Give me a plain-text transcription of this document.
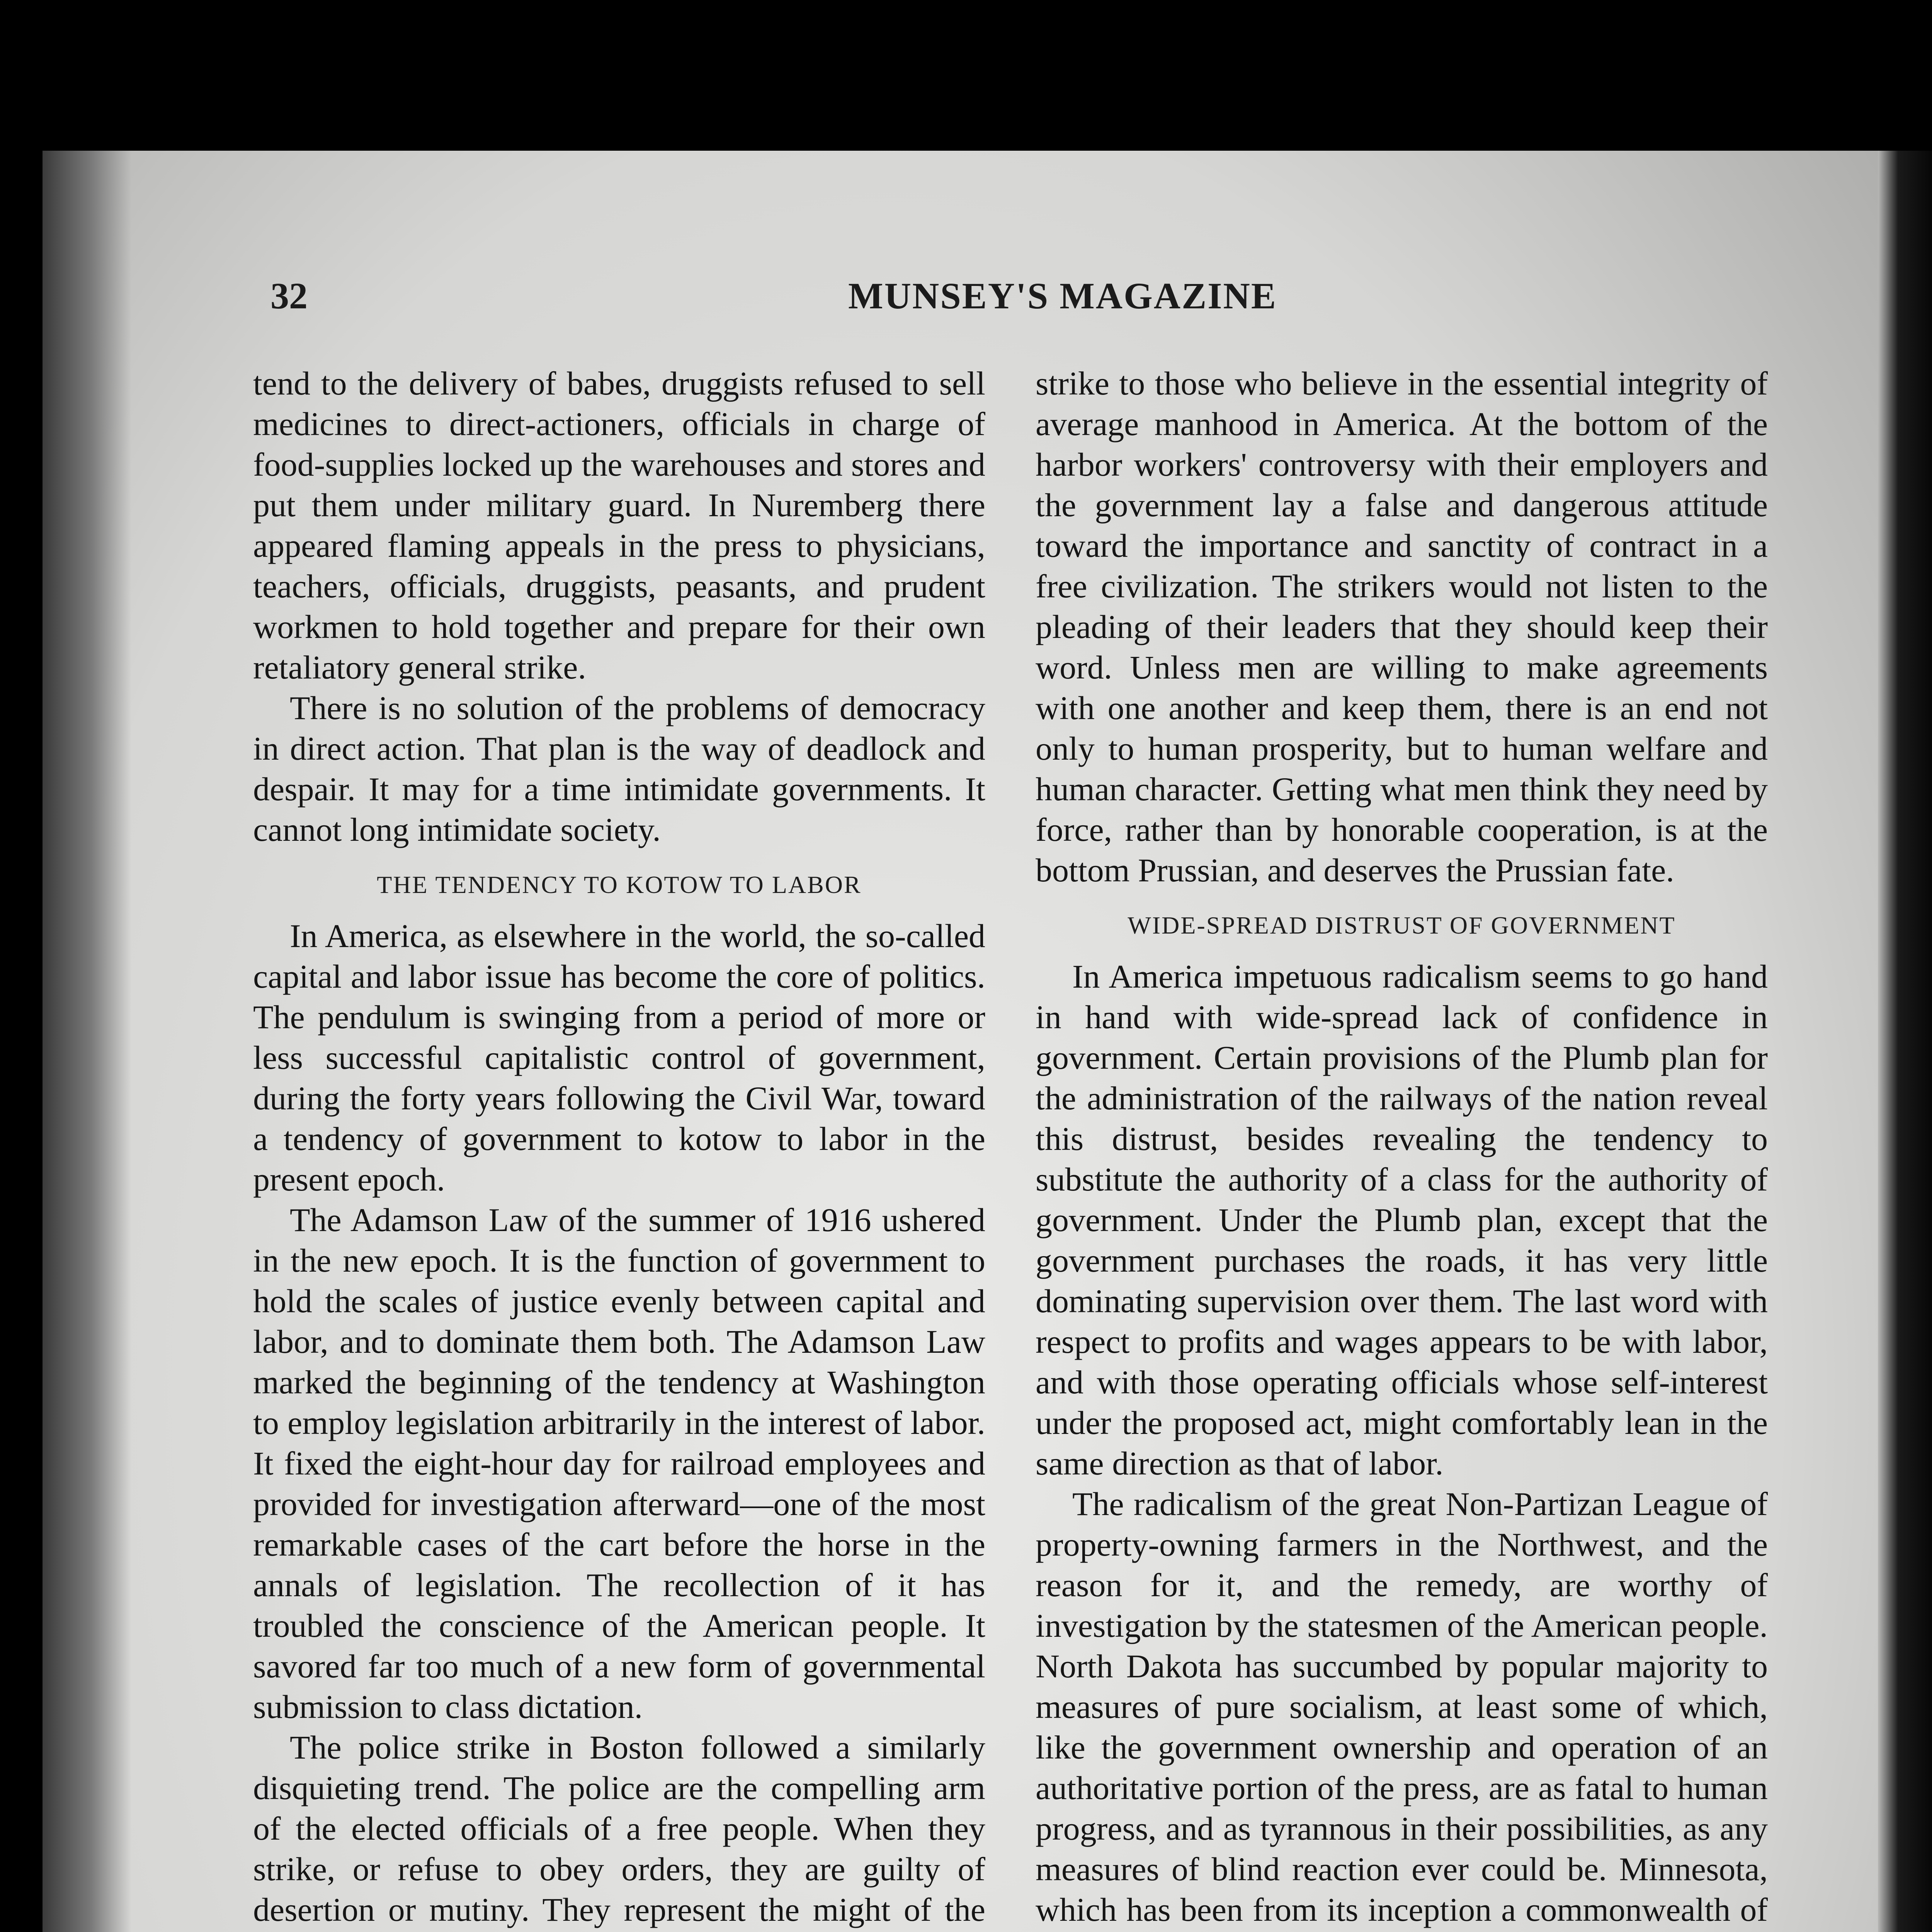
32	MUNSEY'S MAGAZINE

tend to the delivery of babes, druggists refused to sell medicines to direct-actioners, officials in charge of food-supplies locked up the warehouses and stores and put them under military guard. In Nuremberg there appeared flaming appeals in the press to physicians, teachers, officials, druggists, peasants, and prudent workmen to hold together and prepare for their own retaliatory general strike.

There is no solution of the problems of democracy in direct action. That plan is the way of deadlock and despair. It may for a time intimidate governments. It cannot long intimidate society.

THE TENDENCY TO KOTOW TO LABOR

In America, as elsewhere in the world, the so-called capital and labor issue has become the core of politics. The pendulum is swinging from a period of more or less successful capitalistic control of government, during the forty years following the Civil War, toward a tendency of government to kotow to labor in the present epoch.

The Adamson Law of the summer of 1916 ushered in the new epoch. It is the function of government to hold the scales of justice evenly between capital and labor, and to dominate them both. The Adamson Law marked the beginning of the tendency at Washington to employ legislation arbitrarily in the interest of labor. It fixed the eight-hour day for railroad employees and provided for investigation afterward—one of the most remarkable cases of the cart before the horse in the annals of legislation. The recollection of it has troubled the conscience of the American people. It savored far too much of a new form of governmental submission to class dictation.

The police strike in Boston followed a similarly disquieting trend. The police are the compelling arm of the elected officials of a free people. When they strike, or refuse to obey orders, they are guilty of desertion or mutiny. They represent the might of the

strike to those who believe in the essential integrity of average manhood in America. At the bottom of the harbor workers' controversy with their employers and the government lay a false and dangerous attitude toward the importance and sanctity of contract in a free civilization. The strikers would not listen to the pleading of their leaders that they should keep their word. Unless men are willing to make agreements with one another and keep them, there is an end not only to human prosperity, but to human welfare and human character. Getting what men think they need by force, rather than by honorable cooperation, is at the bottom Prussian, and deserves the Prussian fate.

WIDE-SPREAD DISTRUST OF GOVERNMENT

In America impetuous radicalism seems to go hand in hand with wide-spread lack of confidence in government. Certain provisions of the Plumb plan for the administration of the railways of the nation reveal this distrust, besides revealing the tendency to substitute the authority of a class for the authority of government. Under the Plumb plan, except that the government purchases the roads, it has very little dominating supervision over them. The last word with respect to profits and wages appears to be with labor, and with those operating officials whose self-interest under the proposed act, might comfortably lean in the same direction as that of labor.

The radicalism of the great Non-Partizan League of property-owning farmers in the Northwest, and the reason for it, and the remedy, are worthy of investigation by the statesmen of the American people. North Dakota has succumbed by popular majority to measures of pure socialism, at least some of which, like the government ownership and operation of an authoritative portion of the press, are as fatal to human progress, and as tyrannous in their possibilities, as any measures of blind reaction ever could be. Minnesota, which has been from its inception a commonwealth of
